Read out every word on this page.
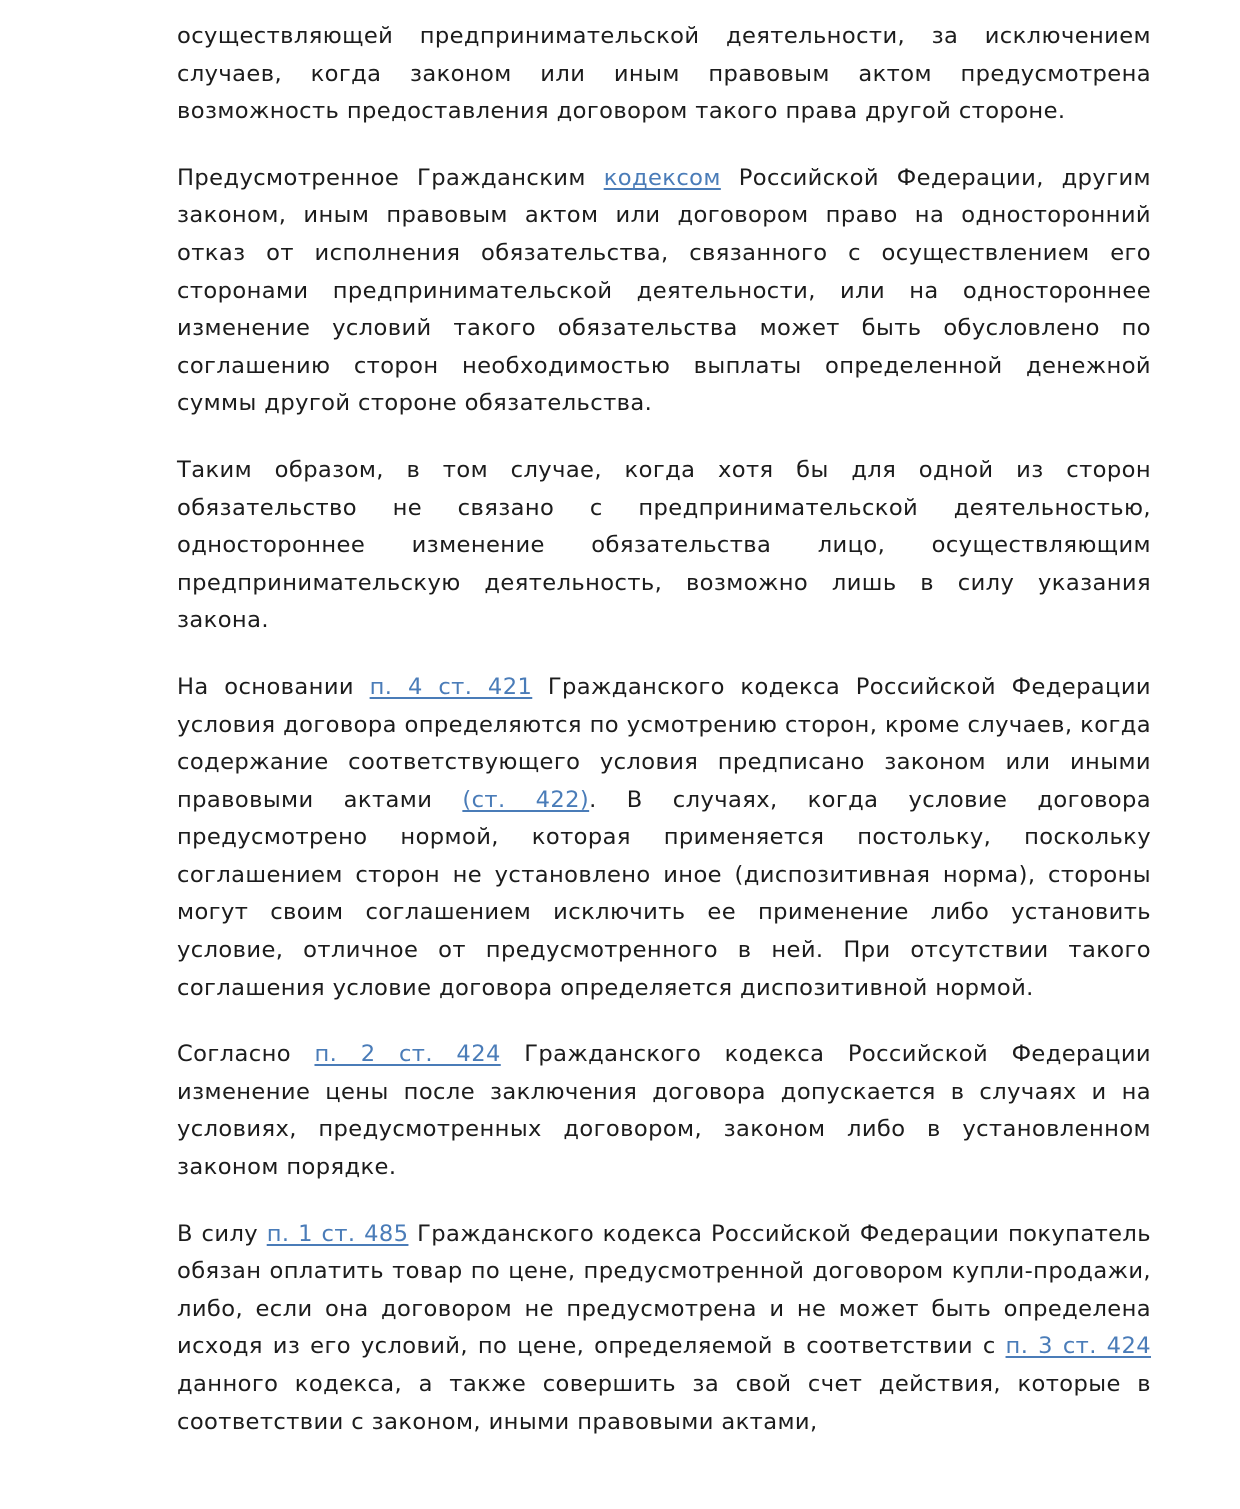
осуществляющей предпринимательской деятельности, за исключением случаев, когда законом или иным правовым актом предусмотрена возможность предоставления договором такого права другой стороне.

Предусмотренное Гражданским кодексом Российской Федерации, другим законом, иным правовым актом или договором право на односторонний отказ от исполнения обязательства, связанного с осуществлением его сторонами предпринимательской деятельности, или на одностороннее изменение условий такого обязательства может быть обусловлено по соглашению сторон необходимостью выплаты определенной денежной суммы другой стороне обязательства.

Таким образом, в том случае, когда хотя бы для одной из сторон обязательство не связано с предпринимательской деятельностью, одностороннее изменение обязательства лицо, осуществляющим предпринимательскую деятельность, возможно лишь в силу указания закона.

На основании п. 4 ст. 421 Гражданского кодекса Российской Федерации условия договора определяются по усмотрению сторон, кроме случаев, когда содержание соответствующего условия предписано законом или иными правовыми актами (ст. 422). В случаях, когда условие договора предусмотрено нормой, которая применяется постольку, поскольку соглашением сторон не установлено иное (диспозитивная норма), стороны могут своим соглашением исключить ее применение либо установить условие, отличное от предусмотренного в ней. При отсутствии такого соглашения условие договора определяется диспозитивной нормой.

Согласно п. 2 ст. 424 Гражданского кодекса Российской Федерации изменение цены после заключения договора допускается в случаях и на условиях, предусмотренных договором, законом либо в установленном законом порядке.

В силу п. 1 ст. 485 Гражданского кодекса Российской Федерации покупатель обязан оплатить товар по цене, предусмотренной договором купли-продажи, либо, если она договором не предусмотрена и не может быть определена исходя из его условий, по цене, определяемой в соответствии с п. 3 ст. 424 данного кодекса, а также совершить за свой счет действия, которые в соответствии с законом, иными правовыми актами,
